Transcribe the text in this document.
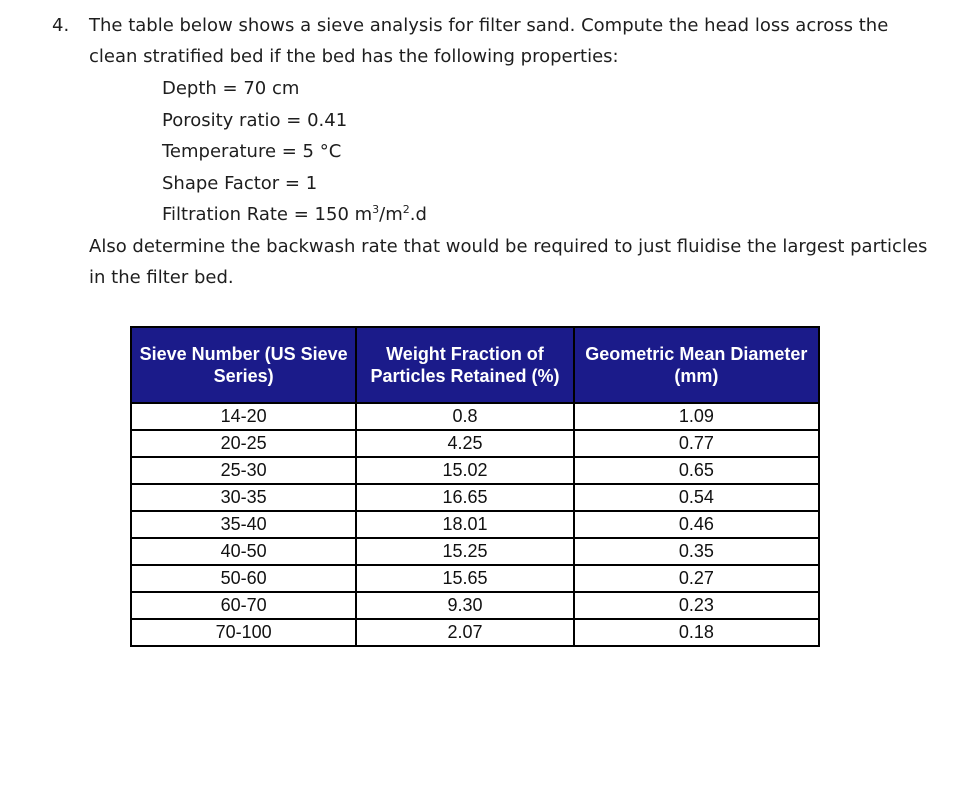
4. The table below shows a sieve analysis for filter sand. Compute the head loss across the
clean stratified bed if the bed has the following properties:
Depth = 70 cm
Porosity ratio = 0.41
Temperature = 5 °C
Shape Factor = 1
Filtration Rate = 150 $m^3/m^2.d$
Also determine the backwash rate that would be required to just fluidise the largest particles
in the filter bed.
Sieve Number (US Sieve Series)	Weight Fraction of Particles Retained (%)	Geometric Mean Diameter (mm)
14-20	0.8	1.09
20-25	4.25	0.77
25-30	15.02	0.65
30-35	16.65	0.54
35-40	18.01	0.46
40-50	15.25	0.35
50-60	15.65	0.27
60-70	9.30	0.23
70-100	2.07	0.18
